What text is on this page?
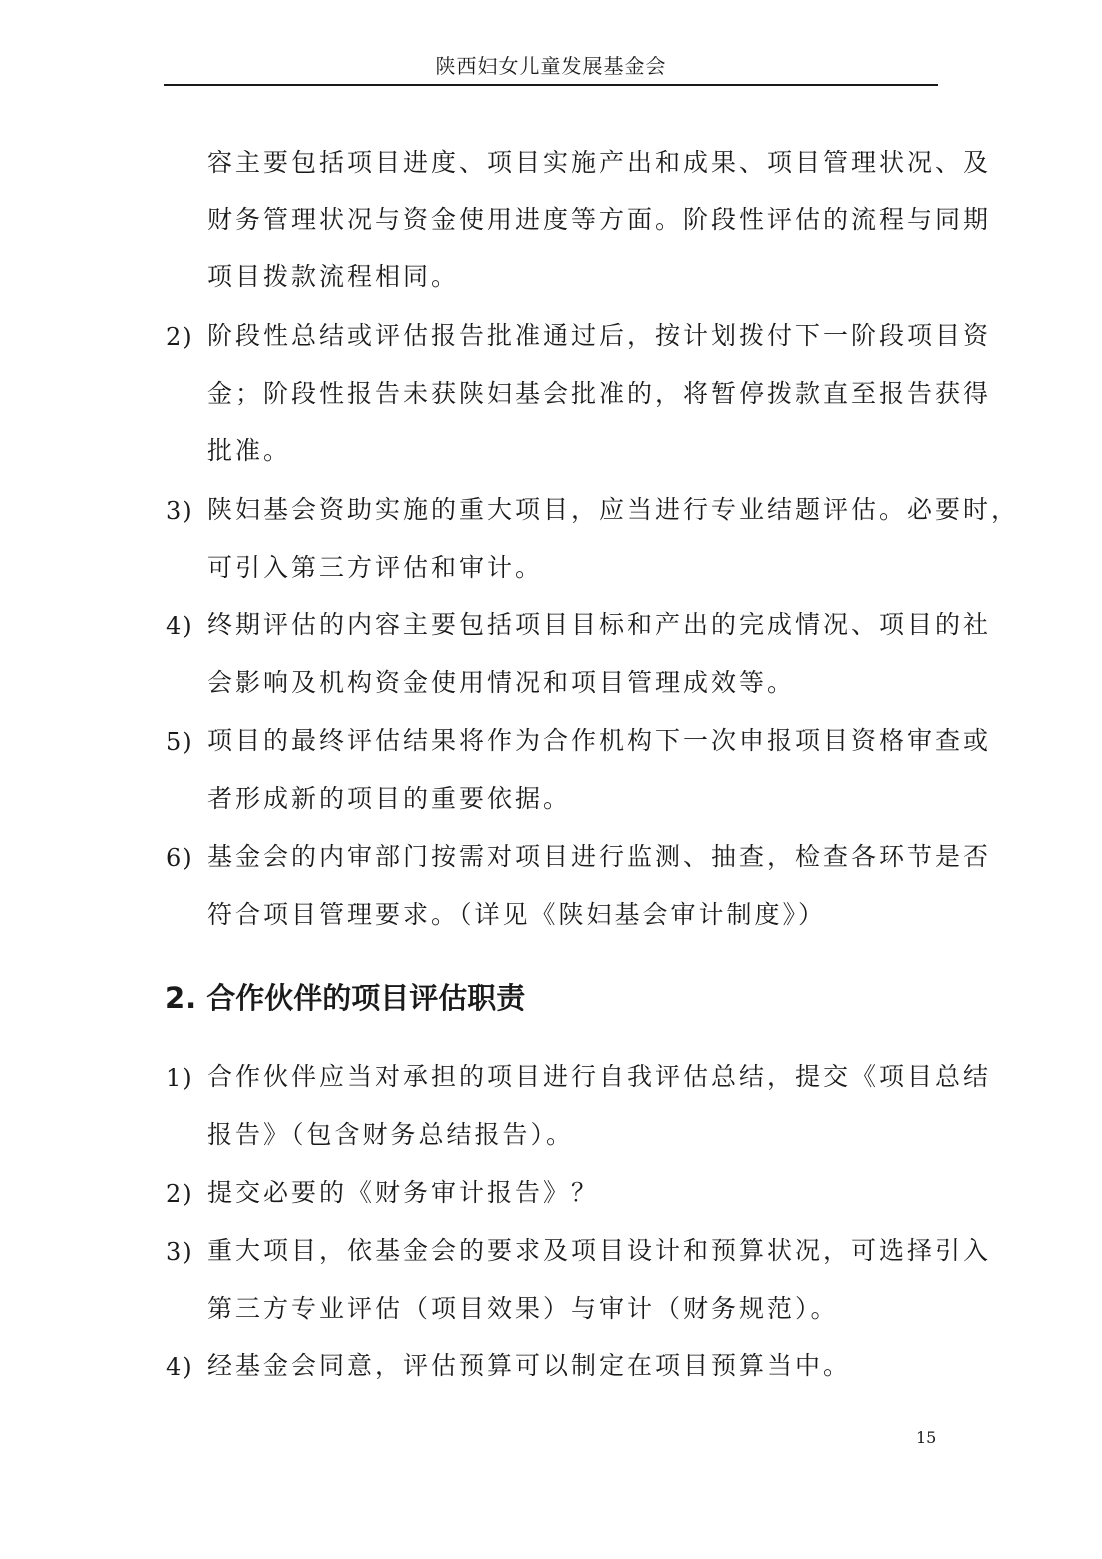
陕西妇女儿童发展基金会
容主要包括项目进度、项目实施产出和成果、项目管理状况、及
财务管理状况与资金使用进度等方面。阶段性评估的流程与同期
项目拨款流程相同。
2) 阶段性总结或评估报告批准通过后，按计划拨付下一阶段项目资
金；阶段性报告未获陕妇基会批准的，将暂停拨款直至报告获得
批准。
3) 陕妇基会资助实施的重大项目，应当进行专业结题评估。必要时，
可引入第三方评估和审计。
4) 终期评估的内容主要包括项目目标和产出的完成情况、项目的社
会影响及机构资金使用情况和项目管理成效等。
5) 项目的最终评估结果将作为合作机构下一次申报项目资格审查或
者形成新的项目的重要依据。
6) 基金会的内审部门按需对项目进行监测、抽查，检查各环节是否
符合项目管理要求。（详见《陕妇基会审计制度》）
2. 合作伙伴的项目评估职责
1) 合作伙伴应当对承担的项目进行自我评估总结，提交《项目总结
报告》（包含财务总结报告）。
2) 提交必要的《财务审计报告》？
3) 重大项目，依基金会的要求及项目设计和预算状况，可选择引入
第三方专业评估（项目效果）与审计（财务规范）。
4) 经基金会同意，评估预算可以制定在项目预算当中。
15
